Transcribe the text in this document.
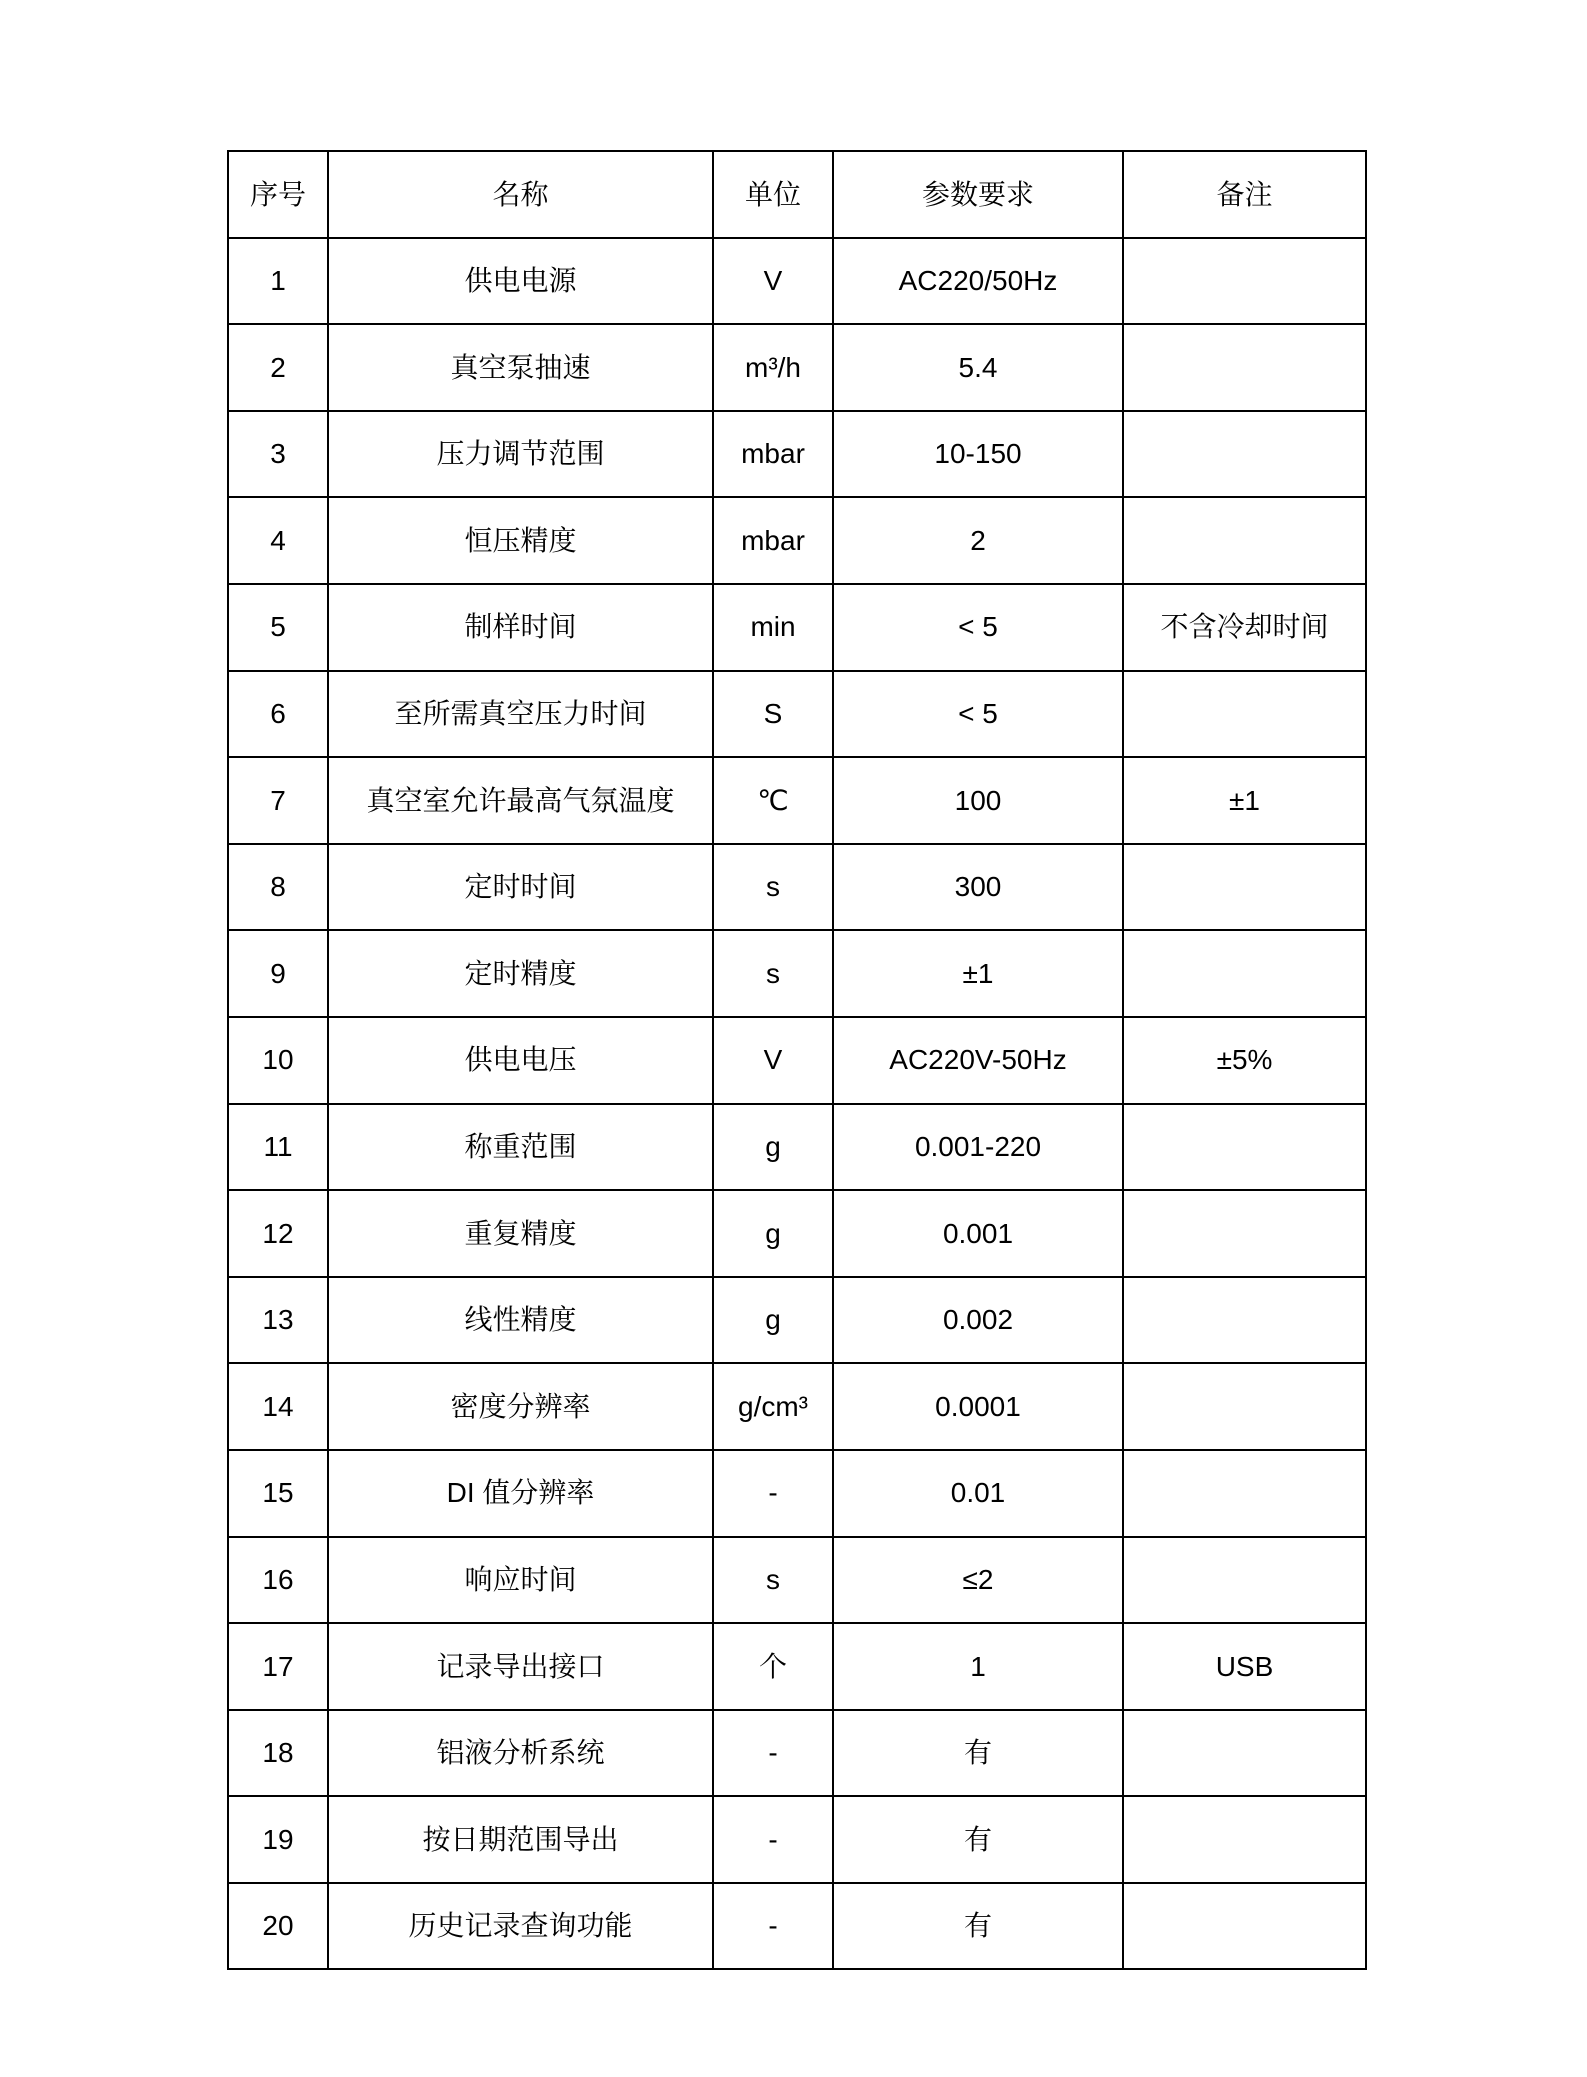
序号	名称	单位	参数要求	备注
1	供电电源	V	AC220/50Hz	
2	真空泵抽速	m³/h	5.4	
3	压力调节范围	mbar	10-150	
4	恒压精度	mbar	2	
5	制样时间	min	< 5	不含冷却时间
6	至所需真空压力时间	S	< 5	
7	真空室允许最高气氛温度	℃	100	±1
8	定时时间	s	300	
9	定时精度	s	±1	
10	供电电压	V	AC220V-50Hz	±5%
11	称重范围	g	0.001-220	
12	重复精度	g	0.001	
13	线性精度	g	0.002	
14	密度分辨率	g/cm³	0.0001	
15	DI 值分辨率	-	0.01	
16	响应时间	s	≤2	
17	记录导出接口	个	1	USB
18	铝液分析系统	-	有	
19	按日期范围导出	-	有	
20	历史记录查询功能	-	有	
